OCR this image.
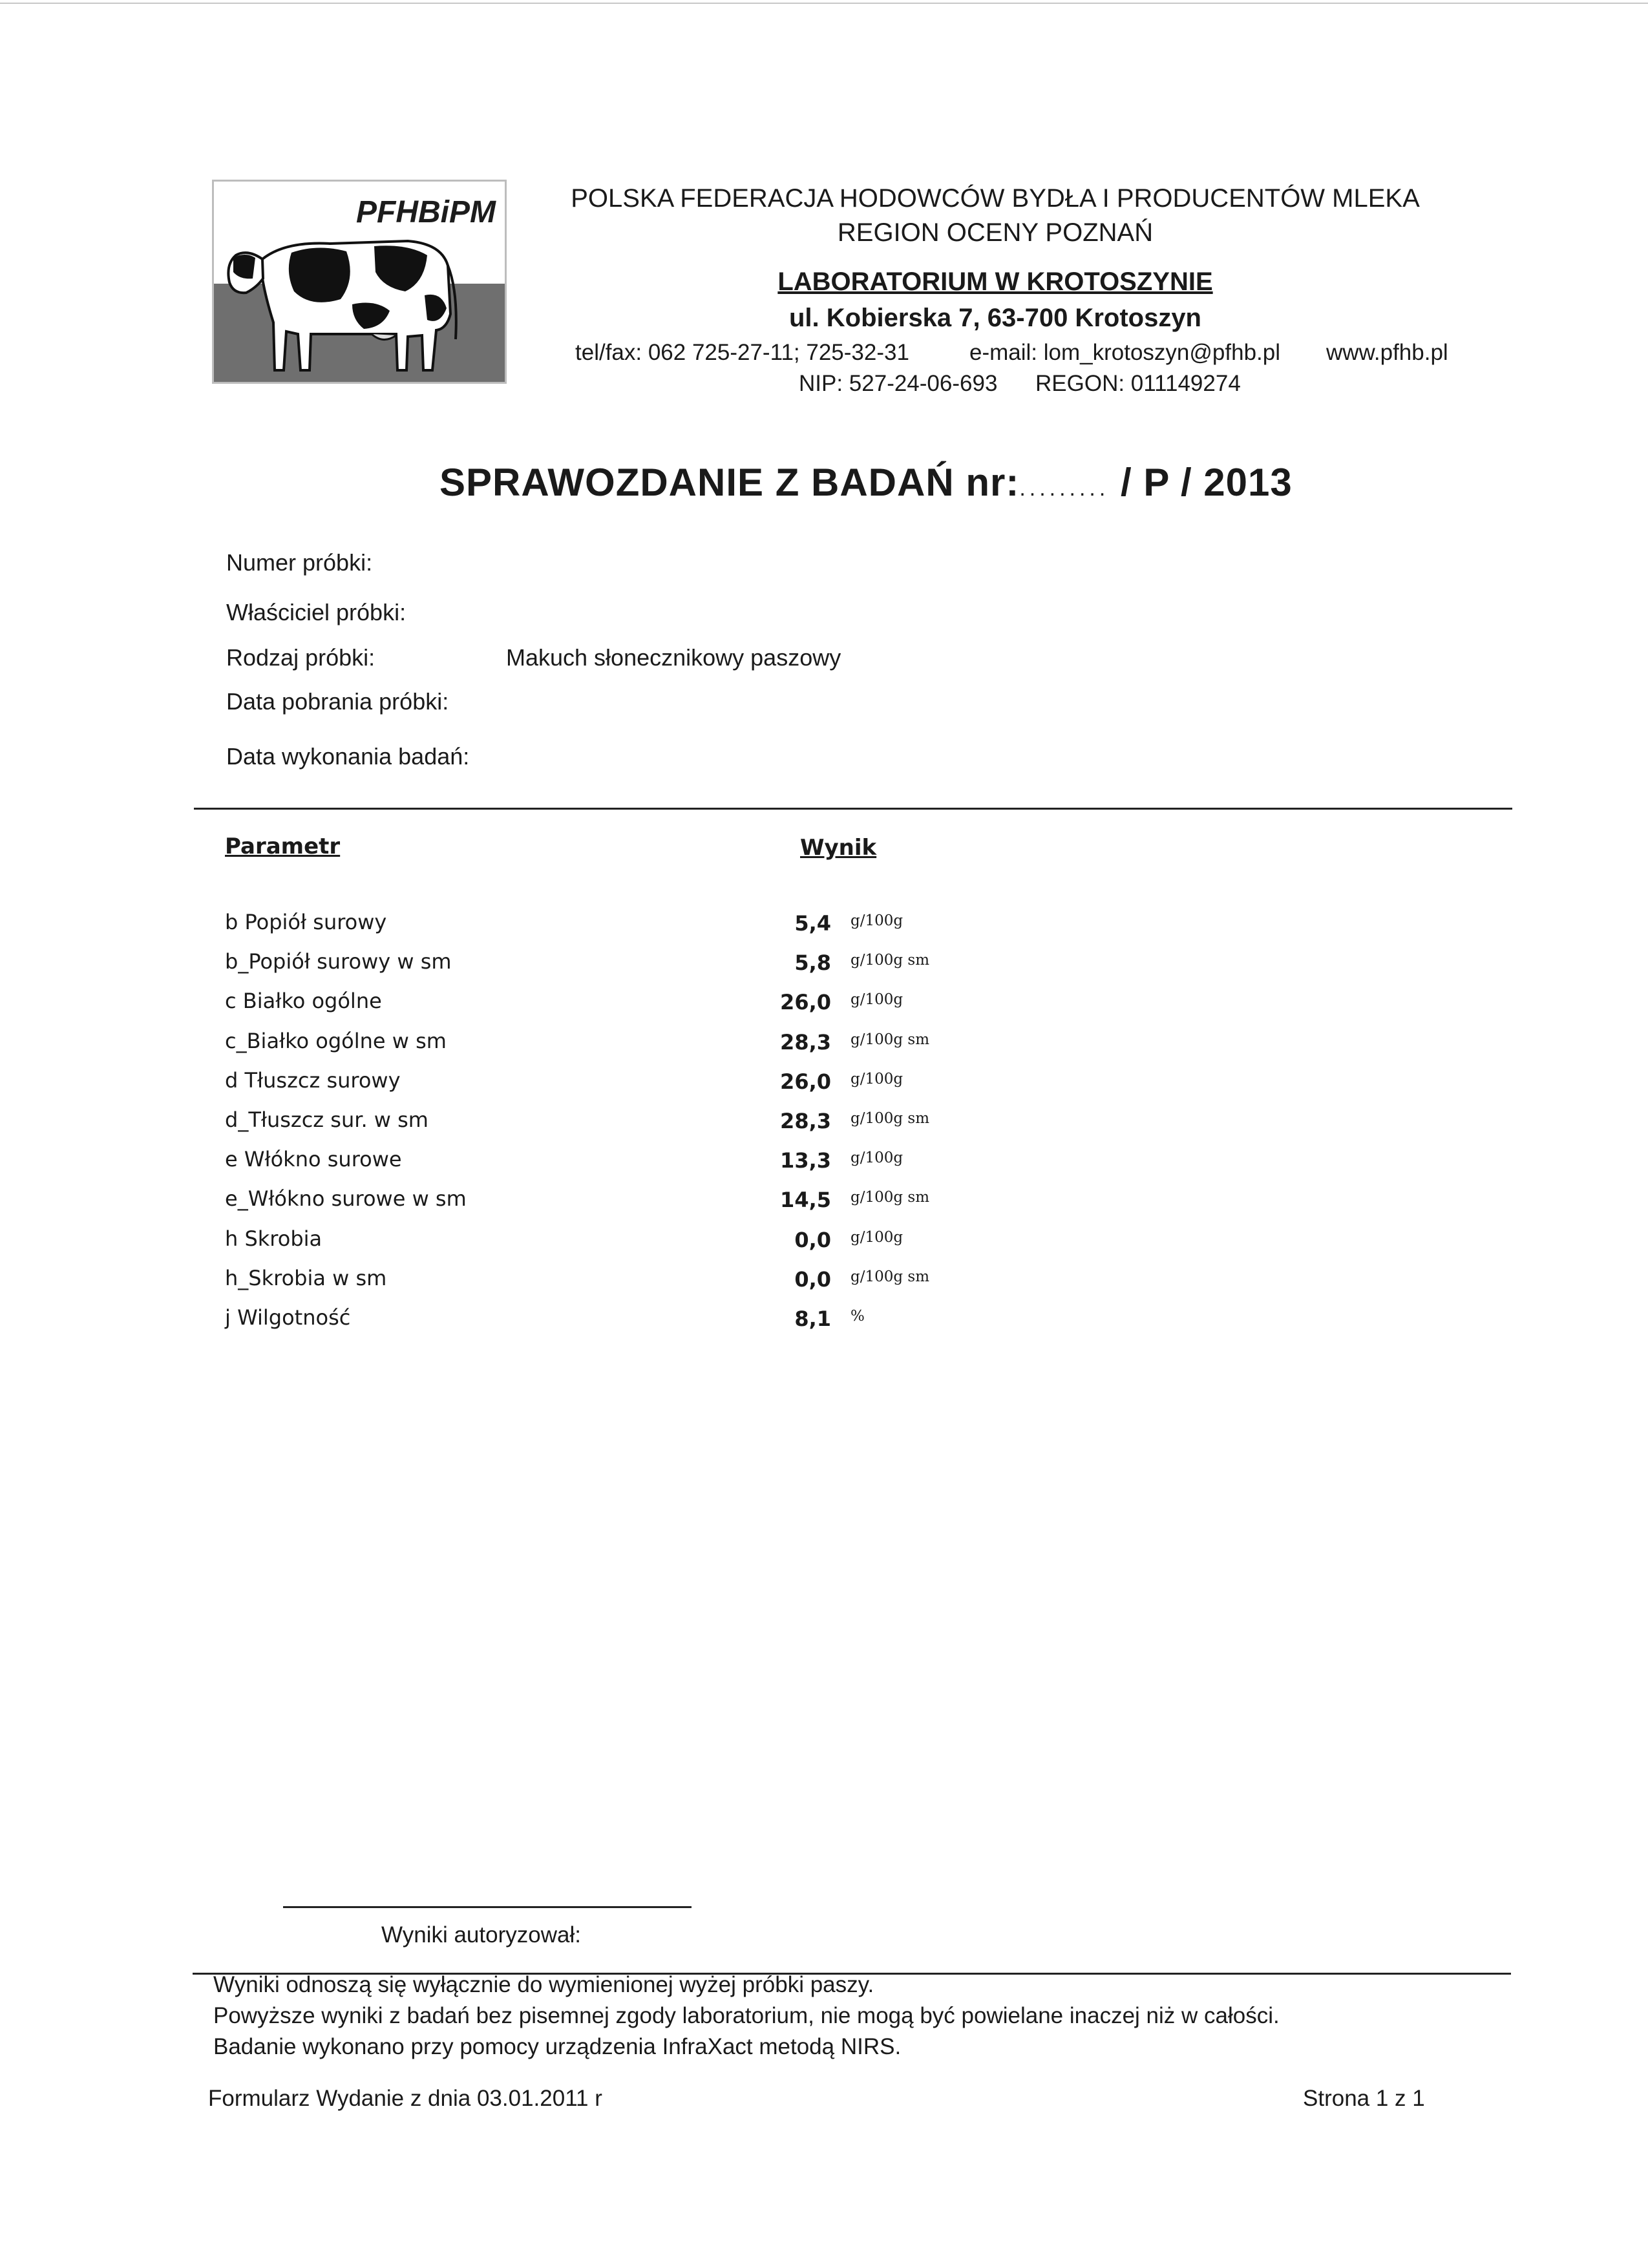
PFHBiPM	POLSKA FEDERACJA HODOWCÓW BYDŁA I PRODUCENTÓW MLEKA
REGION OCENY POZNAŃ
LABORATORIUM W KROTOSZYNIE
ul. Kobierska 7, 63-700 Krotoszyn
tel/fax: 062 725-27-11; 725-32-31	e-mail: lom_krotoszyn@pfhb.pl www.pfhb.pl
NIP: 527-24-06-693 REGON: 011149274
SPRAWOZDANIE Z BADAŃ nr:......... / P / 2013
Numer próbki:
Właściciel próbki:
Rodzaj próbki:	Makuch słonecznikowy paszowy
Data pobrania próbki:
Data wykonania badań:
Parametr	Wynik
b Popiół surowy	5,4 g/100g
b_Popiół surowy w sm	5,8 g/100g sm
c Białko ogólne	26,0 g/100g
c_Białko ogólne w sm	28,3 g/100g sm
d Tłuszcz surowy	26,0 g/100g
d_Tłuszcz sur. w sm	28,3 g/100g sm
e Włókno surowe	13,3 g/100g
e_Włókno surowe w sm	14,5 g/100g sm
h Skrobia	0,0 g/100g
h_Skrobia w sm	0,0 g/100g sm
j Wilgotność	8,1 %
Wyniki autoryzował:
Wyniki odnoszą się wyłącznie do wymienionej wyżej próbki paszy.
Powyższe wyniki z badań bez pisemnej zgody laboratorium, nie mogą być powielane inaczej niż w całości.
Badanie wykonano przy pomocy urządzenia InfraXact metodą NIRS.
Formularz Wydanie z dnia 03.01.2011 r	Strona 1 z 1
